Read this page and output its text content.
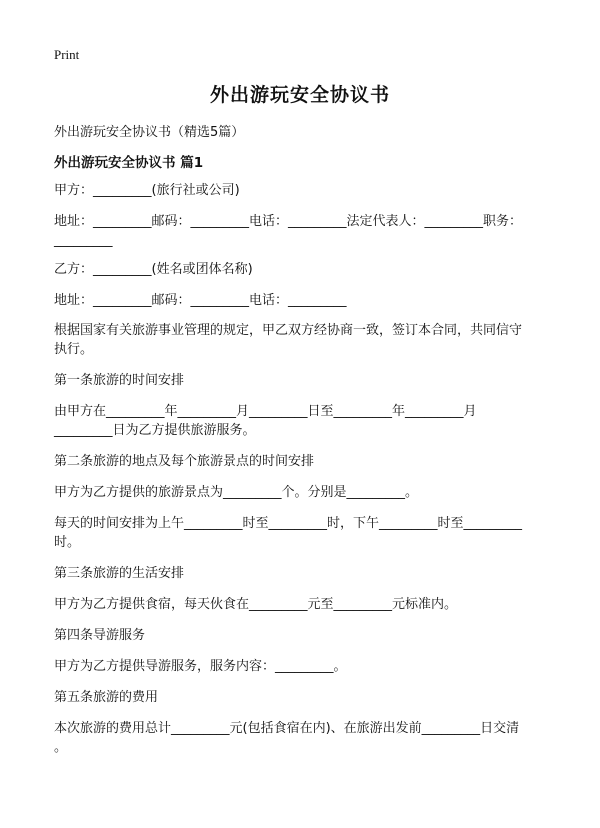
Print
外出游玩安全协议书
外出游玩安全协议书（精选5篇）
外出游玩安全协议书 篇1
甲方：_________(旅行社或公司)
地址：_________邮码：_________电话：_________法定代表人：_________职务：
_________
乙方：_________(姓名或团体名称)
地址：_________邮码：_________电话：_________
根据国家有关旅游事业管理的规定，甲乙双方经协商一致，签订本合同，共同信守
执行。
第一条旅游的时间安排
由甲方在_________年_________月_________日至_________年_________月
_________日为乙方提供旅游服务。
第二条旅游的地点及每个旅游景点的时间安排
甲方为乙方提供的旅游景点为_________个。分别是_________。
每天的时间安排为上午_________时至_________时，下午_________时至_________
时。
第三条旅游的生活安排
甲方为乙方提供食宿，每天伙食在_________元至_________元标准内。
第四条导游服务
甲方为乙方提供导游服务，服务内容：_________。
第五条旅游的费用
本次旅游的费用总计_________元(包括食宿在内)、在旅游出发前_________日交清
。
